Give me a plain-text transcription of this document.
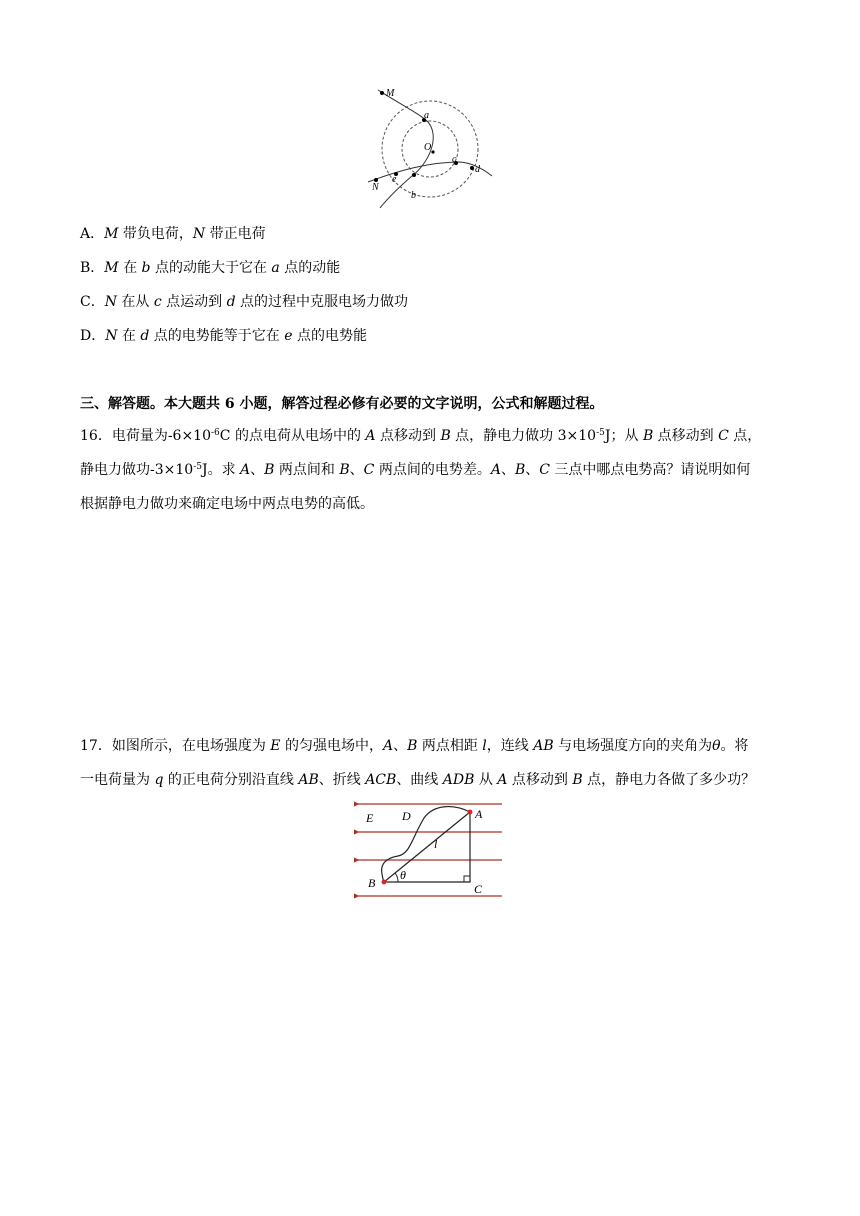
M
a
O
c
d
e
N
b
A．M 带负电荷，N 带正电荷
B．M 在 b 点的动能大于它在 a 点的动能
C．N 在从 c 点运动到 d 点的过程中克服电场力做功
D．N 在 d 点的电势能等于它在 e 点的电势能
三、解答题。本大题共 6 小题，解答过程必修有必要的文字说明，公式和解题过程。
16．电荷量为$-6\times 10^{-6}C$ 的点电荷从电场中的 A 点移动到 B 点，静电力做功 $3\times 10^{-5}J$；从 B 点移动到 C 点，
静电力做功$-3\times 10^{-5}J$。求 A、B 两点间和 B、C 两点间的电势差。A、B、C 三点中哪点电势高？请说明如何
根据静电力做功来确定电场中两点电势的高低。
17．如图所示，在电场强度为 E 的匀强电场中，A、B 两点相距 l，连线 AB 与电场强度方向的夹角为θ。将
一电荷量为 q 的正电荷分别沿直线 AB、折线 ACB、曲线 ADB 从 A 点移动到 B 点，静电力各做了多少功？
E D	A
l
B
θ
C
